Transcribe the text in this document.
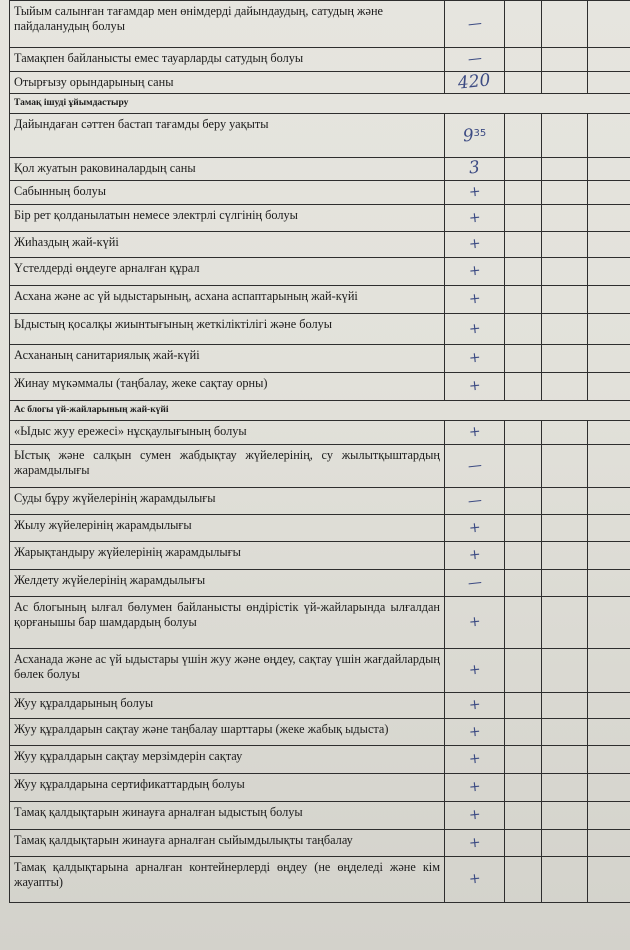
Тыйым салынған тағамдар мен өнімдерді дайындаудың, сатудың және пайдаланудың болуы	—			
Тамақпен байланысты емес тауарларды сатудың болуы	—			
Отырғызу орындарының саны	420			
Тамақ ішуді ұйымдастыру				
Дайындаған сәттен бастап тағамды беру уақыты	$9^{35}$			
Қол жуатын раковиналардың саны	3			
Сабынның болуы	+			
Бір рет қолданылатын немесе электрлі сүлгінің болуы	+			
Жиһаздың жай-күйі	+			
Үстелдерді өңдеуге арналған құрал	+			
Асхана және ас үй ыдыстарының, асхана аспаптарының жай-күйі	+			
Ыдыстың қосалқы жиынтығының жеткіліктілігі және болуы	+			
Асхананың санитариялық жай-күйі	+			
Жинау мүкәммалы (таңбалау, жеке сақтау орны)	+			
Ас блогы үй-жайларының жай-күйі				
«Ыдыс жуу ережесі» нұсқаулығының болуы	+			
Ыстық және салқын сумен жабдықтау жүйелерінің, су жылытқыштардың жарамдылығы	—			
Суды бұру жүйелерінің жарамдылығы	—			
Жылу жүйелерінің жарамдылығы	+			
Жарықтандыру жүйелерінің жарамдылығы	+			
Желдету жүйелерінің жарамдылығы	—			
Ас блогының ылғал бөлумен байланысты өндірістік үй-жайларында ылғалдан қорғанышы бар шамдардың болуы	+			
Асханада және ас үй ыдыстары үшін жуу және өңдеу, сақтау үшін жағдайлардың бөлек болуы	+			
Жуу құралдарының болуы	+			
Жуу құралдарын сақтау және таңбалау шарттары (жеке жабық ыдыста)	+			
Жуу құралдарын сақтау мерзімдерін сақтау	+			
Жуу құралдарына сертификаттардың болуы	+			
Тамақ қалдықтарын жинауға арналған ыдыстың болуы	+			
Тамақ қалдықтарын жинауға арналған сыйымдылықты таңбалау	+			
Тамақ қалдықтарына арналған контейнерлерді өңдеу (не өңделеді және кім жауапты)	+			
